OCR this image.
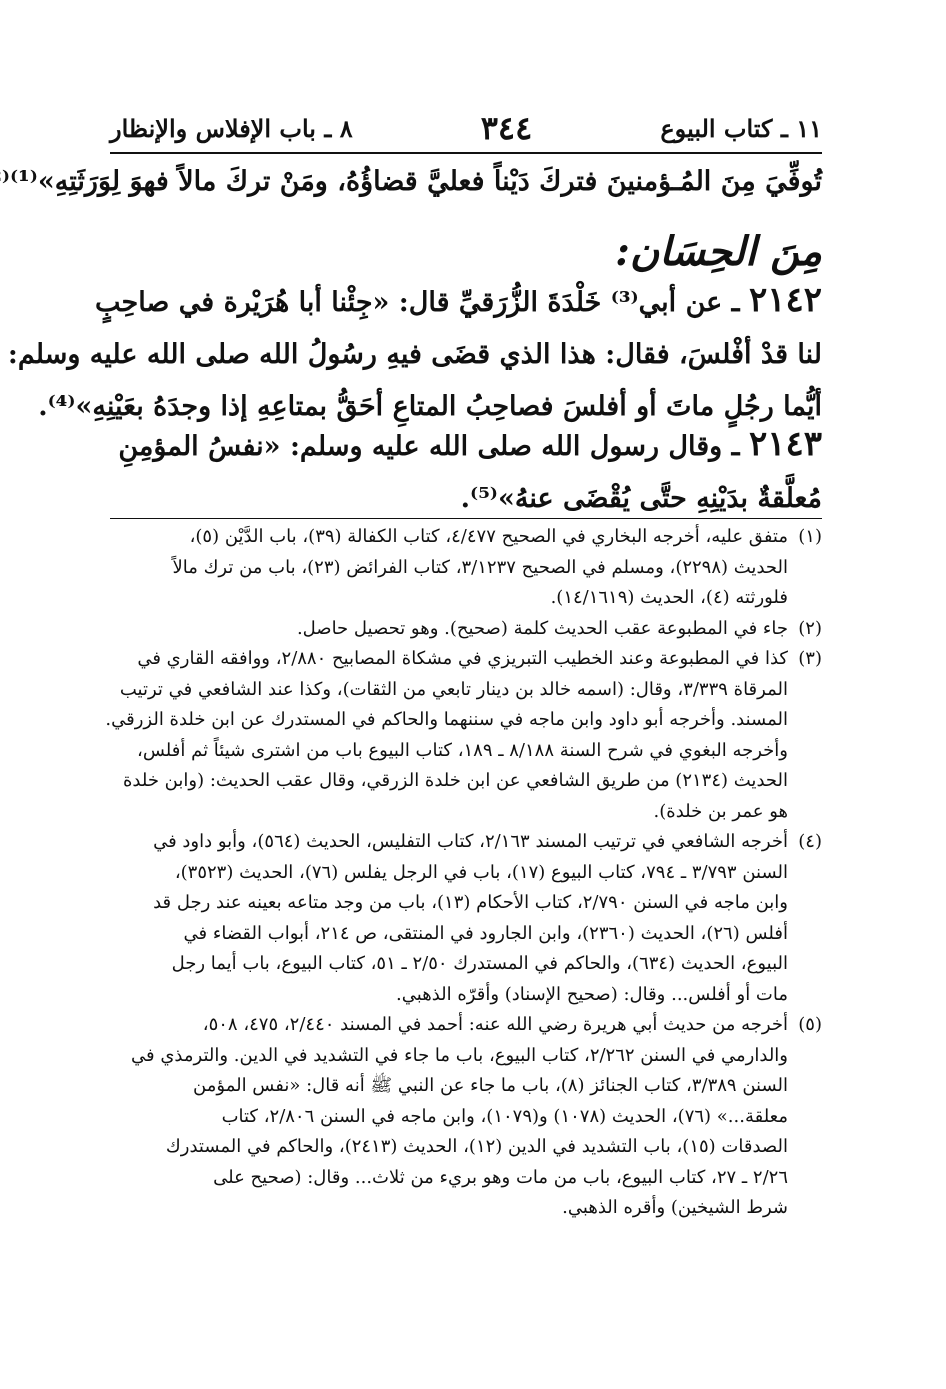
١١ ـ كتاب البيوع
٣٤٤
٨ ـ باب الإفلاس والإنظار
تُوفِّيَ مِنَ المُـؤمنينَ فتركَ دَيْناً فعليَّ قضاؤُهُ، ومَنْ تركَ مالاً فهوَ لِوَرَثَتِهِ»⁽¹⁾⁽
مِنَ الحِسَان:
٢١٤٢ ـ عن أبي⁽³⁾ خَلْدَةَ الزُّرَقيِّ قال: «جِئْنا أبا هُرَيْرة في صاحِبٍ
لنا قدْ أفْلسَ، فقال: هذا الذي قضَى فيهِ رسُولُ الله صلى الله عليه وسلم:
أيُّما رجُلٍ ماتَ أو أفلسَ فصاحِبُ المتاعِ أحَقُّ بمتاعِهِ إذا وجدَهُ بعَيْنِهِ»⁽⁴⁾.
٢١٤٣ ـ وقال رسول الله صلى الله عليه وسلم: «نفسُ المؤمِنِ
مُعلَّقةٌ بدَيْنِهِ حتَّى يُقْضَى عنهُ»⁽⁵⁾.
(١)
متفق عليه، أخرجه البخاري في الصحيح ٤/٤٧٧، كتاب الكفالة (٣٩)، باب الدَّيْن (٥)،
الحديث (٢٢٩٨)، ومسلم في الصحيح ٣/١٢٣٧، كتاب الفرائض (٢٣)، باب من ترك مالاً
فلورثته (٤)، الحديث (١٤/١٦١٩).
(٢)
جاء في المطبوعة عقب الحديث كلمة (صحيح). وهو تحصيل حاصل.
(٣)
كذا في المطبوعة وعند الخطيب التبريزي في مشكاة المصابيح ٢/٨٨٠، ووافقه القاري في
المرقاة ٣/٣٣٩، وقال: (اسمه خالد بن دينار تابعي من الثقات)، وكذا عند الشافعي في ترتيب
المسند. وأخرجه أبو داود وابن ماجه في سننهما والحاكم في المستدرك عن ابن خلدة الزرقي.
وأخرجه البغوي في شرح السنة ٨/١٨٨ ـ ١٨٩، كتاب البيوع باب من اشترى شيئاً ثم أفلس،
الحديث (٢١٣٤) من طريق الشافعي عن ابن خلدة الزرقي، وقال عقب الحديث: (وابن خلدة
هو عمر بن خلدة).
(٤)
أخرجه الشافعي في ترتيب المسند ٢/١٦٣، كتاب التفليس، الحديث (٥٦٤)، وأبو داود في
السنن ٣/٧٩٣ ـ ٧٩٤، كتاب البيوع (١٧)، باب في الرجل يفلس (٧٦)، الحديث (٣٥٢٣)،
وابن ماجه في السنن ٢/٧٩٠، كتاب الأحكام (١٣)، باب من وجد متاعه بعينه عند رجل قد
أفلس (٢٦)، الحديث (٢٣٦٠)، وابن الجارود في المنتقى، ص ٢١٤، أبواب القضاء في
البيوع، الحديث (٦٣٤)، والحاكم في المستدرك ٢/٥٠ ـ ٥١، كتاب البيوع، باب أيما رجل
مات أو أفلس... وقال: (صحيح الإسناد) وأقرّه الذهبي.
(٥)
أخرجه من حديث أبي هريرة رضي الله عنه: أحمد في المسند ٢/٤٤٠، ٤٧٥، ٥٠٨،
والدارمي في السنن ٢/٢٦٢، كتاب البيوع، باب ما جاء في التشديد في الدين. والترمذي في
السنن ٣/٣٨٩، كتاب الجنائز (٨)، باب ما جاء عن النبي ﷺ أنه قال: «نفس المؤمن
معلقة...» (٧٦)، الحديث (١٠٧٨) و(١٠٧٩)، وابن ماجه في السنن ٢/٨٠٦، كتاب
الصدقات (١٥)، باب التشديد في الدين (١٢)، الحديث (٢٤١٣)، والحاكم في المستدرك
٢/٢٦ ـ ٢٧، كتاب البيوع، باب من مات وهو بريء من ثلاث... وقال: (صحيح على
شرط الشيخين) وأقره الذهبي.
